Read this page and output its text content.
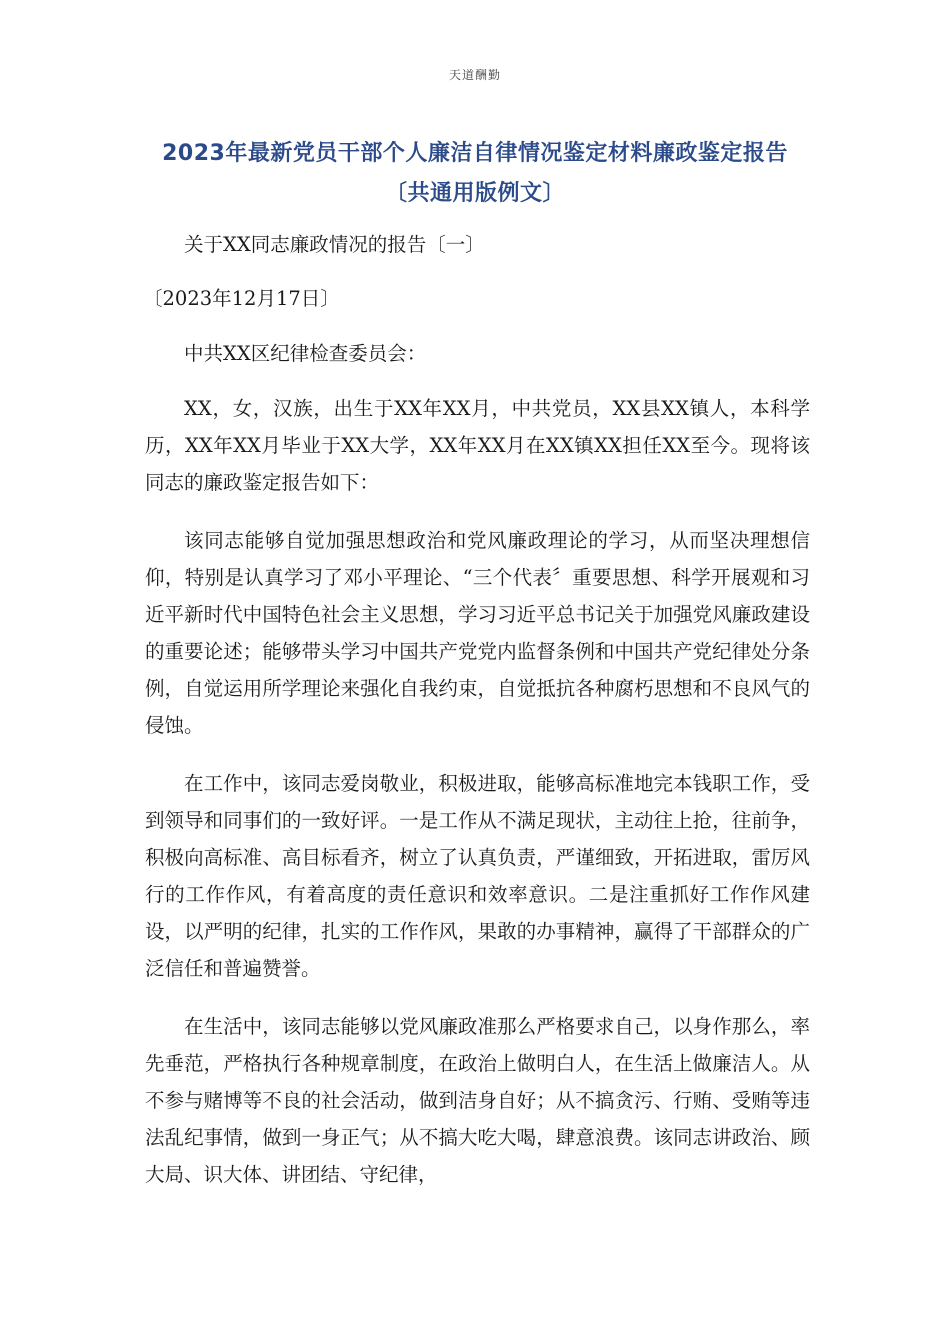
天道酬勤
2023年最新党员干部个人廉洁自律情况鉴定材料廉政鉴定报告
〔共通用版例文〕

关于XX同志廉政情况的报告〔一〕

〔2023年12月17日〕

中共XX区纪律检查委员会：

XX，女，汉族，出生于XX年XX月，中共党员，XX县XX镇人，本科学历，XX年XX月毕业于XX大学，XX年XX月在XX镇XX担任XX至今。现将该同志的廉政鉴定报告如下：

该同志能够自觉加强思想政治和党风廉政理论的学习，从而坚决理想信仰，特别是认真学习了邓小平理论、“三个代表〞重要思想、科学开展观和习近平新时代中国特色社会主义思想，学习习近平总书记关于加强党风廉政建设的重要论述；能够带头学习中国共产党党内监督条例和中国共产党纪律处分条例，自觉运用所学理论来强化自我约束，自觉抵抗各种腐朽思想和不良风气的侵蚀。

在工作中，该同志爱岗敬业，积极进取，能够高标准地完本钱职工作，受到领导和同事们的一致好评。一是工作从不满足现状，主动往上抢，往前争，积极向高标准、高目标看齐，树立了认真负责，严谨细致，开拓进取，雷厉风行的工作作风，有着高度的责任意识和效率意识。二是注重抓好工作作风建设，以严明的纪律，扎实的工作作风，果敢的办事精神，赢得了干部群众的广泛信任和普遍赞誉。

在生活中，该同志能够以党风廉政准那么严格要求自己，以身作那么，率先垂范，严格执行各种规章制度，在政治上做明白人，在生活上做廉洁人。从不参与赌博等不良的社会活动，做到洁身自好；从不搞贪污、行贿、受贿等违法乱纪事情，做到一身正气；从不搞大吃大喝，肆意浪费。该同志讲政治、顾大局、识大体、讲团结、守纪律，
